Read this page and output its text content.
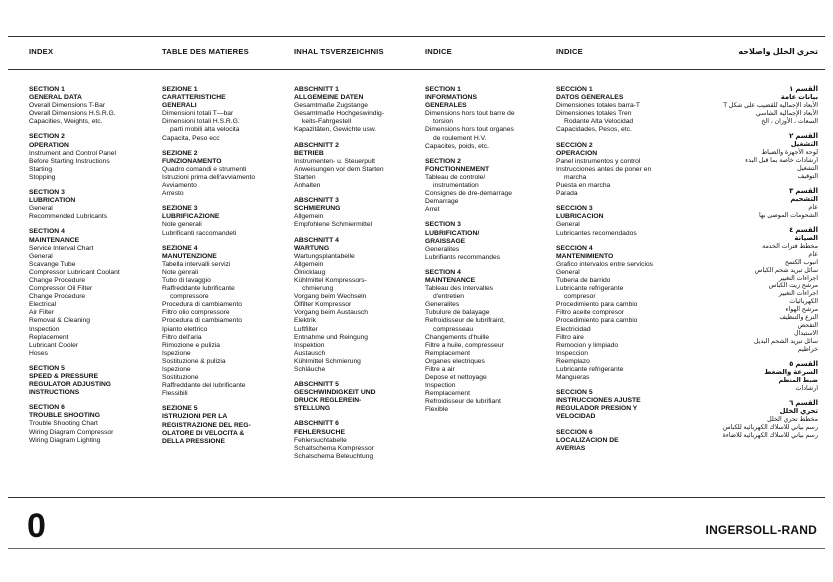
INDEX
SECTION 1
GENERAL DATA
Overall Dimensions T-Bar
Overall Dimensions H.S.R.G.
Capacities, Weights, etc.
SECTION 2
OPERATION
Instrument and Control Panel
Before Starting Instructions
Starting
Stopping
SECTION 3
LUBRICATION
General
Recommended Lubricants
SECTION 4
MAINTENANCE
Service Interval Chart
General
Scavange Tube
Compressor Lubricant Coolant
Change Procedure
Compressor Oil Filter
Change Procedure
Electrical
Air Filter
Removal & Cleaning
Inspection
Replacement
Lubricant Cooler
Hoses
SECTION 5
SPEED & PRESSURE
REGULATOR ADJUSTING
INSTRUCTIONS
SECTION 6
TROUBLE SHOOTING
Trouble Shooting Chart
Wiring Diagram Compressor
Wiring Diagram Lighting
TABLE DES MATIERES
SEZIONE 1
CARATTERISTICHE
GENERALI
Dimensioni totali T—bar
Dimensioni totali H.S.R.G.
parti mobili alta velocita
Capacita, Peso ecc
SEZIONE 2
FUNZIONAMENTO
Quadro comandi e strumenti
Istruzioni prima dell'avviamento
Avviamento
Arresto
SEZIONE 3
LUBRIFICAZIONE
Note generali
Lubrificanti raccomandeti
SEZIONE 4
MANUTENZIONE
Tabella intervalli servizi
Note genrali
Tubo di lavaggio
Raffreddante lubrificante
compressore
Procedura di cambiamento
Filtro olio compressore
Procedura di cambiamento
Ipianto elettrico
Filtro dell'aria
Rimozione e pulizia
Ispezione
Sostituzione & pulizia
Ispezione
Sostituzione
Raffreddante del lubrificante
Flessibili
SEZIONE 5
ISTRUZIONI PER LA
REGISTRAZIONE DEL REG-
OLATORE DI VELOCITA &
DELLA PRESSIONE
INHAL TSVERZEICHNIS
ABSCHNITT 1
ALLGEMEINE DATEN
Gesamtmaße Zugstange
Gesamtmaße Hochgeswindig-
keits-Fahrgestell
Kapazitäten, Gewichte usw.
ABSCHNITT 2
BETRIEB
Instrumenten- u. Steuerpult
Anweisungen vor dem Starten
Starten
Anhalten
ABSCHNITT 3
SCHMIERUNG
Allgemein
Empfohlene Schmiermittel
ABSCHNITT 4
WARTUNG
Wartungsplantabelle
Allgemein
Ölnicklaug
Kühlmittel Kompressors-
chmierung
Vorgang beim Wechseln
Ölfilter Kompressor
Vorgang beim Austausch
Elektrik
Luftfilter
Entnahme und Reingung
Inspektion
Austausch
Kühlmittel Schmierung
Schläuche
ABSCHNITT 5
GESCHWINDIGKEIT UND
DRUCK REGLEREIN-
STELLUNG
ABSCHNITT 6
FEHLERSUCHE
Fehlersuchtabelle
Schaltschema Kompressor
Schalschema Beleuchtung
INDICE
SECTION 1
INFORMATIONS
GENERALES
Dimensions hors tout barre de
torsion
Dimensions hors tout organes
de roulement H.V.
Capacites, poids, etc.
SECTION 2
FONCTIONNEMENT
Tableau de controle/
instrumentation
Consignes de dre-demarrage
Demarrage
Arret
SECTION 3
LUBRIFICATION/
GRAISSAGE
Generalites
Lubrifiants recommandes
SECTION 4
MAINTENANCE
Tableau des intervalles
d'entretien
Generalites
Tubulure de balayage
Refroidisseur de lubrifraint,
compresseau
Changements d'huille
Filtre a huile, compresseur
Remplacement
Organes electriques
Filtre a air
Depose et nettoyage
Inspection
Remplacement
Refroidisseur de lubrifiant
Flexible
INDICE
SECCION 1
DATOS GENERALES
Dimensiones totales barra-T
Dimensiones totales Tren
Rodante Alta Velocidad
Capacidades, Pesos, etc.
SECCION 2
OPERACION
Panel instrumentos y control
Instrucciones antes de poner en
marcha
Puesta en marcha
Parada
SECCION 3
LUBRICACION
General
Lubricantes recomendados
SECCION 4
MANTENIMIENTO
Grafico intervalos entre servicios
General
Tuberia de barrido
Lubricante refrigerante
compresor
Procedimiento para cambio
Filtro aceite compresor
Procedimiento para cambio
Electricidad
Filtro aire
Remocion y limpiado
Inspeccion
Reemplazo
Lubricante refrigerante
Mangueras
SECCION 5
INSTRUCCIONES AJUSTE
REGULADOR PRESION Y
VELOCIDAD
SECCION 6
LOCALIZACION DE
AVERIAS
تحري الخلل واصلاحه
القسم ١
بيانات عامة
الأبعاد الإجمالية للقضيب على شكل T
الأبعاد الإجمالية الشاسي
السعات ، الأوزان ، الخ
القسم ٢
التشغيل
لوحة الأجهزة والضباط
ارشادات خاصة بما قبل البدء
التشغيل
التوقيف
القسم ٣
التشحيم
عام
الشحومات الموصى بها
القسم ٤
الصيانة
مخطط فترات الخدمة
عام
انبوب الكسح
سائل تبريد شحم الكباس
اجراءات التغيير
مرشح زيت الكباس
اجراءات التغيير
الكهربائيات
مرشح الهواء
النزع والتنظيف
التفحص
الاستبدال
سائل تبريد الشحم البديل
خراطيم
القسم ٥
السرعة والضغط
ضبط المنظم
ارشادات
القسم ٦
تحري الخلل
مخطط تحري الخلل
رسم بياني للاسلاك الكهربائية للكباس
رسم بياني للاسلاك الكهربائية للاضاءة
0	INGERSOLL-RAND
